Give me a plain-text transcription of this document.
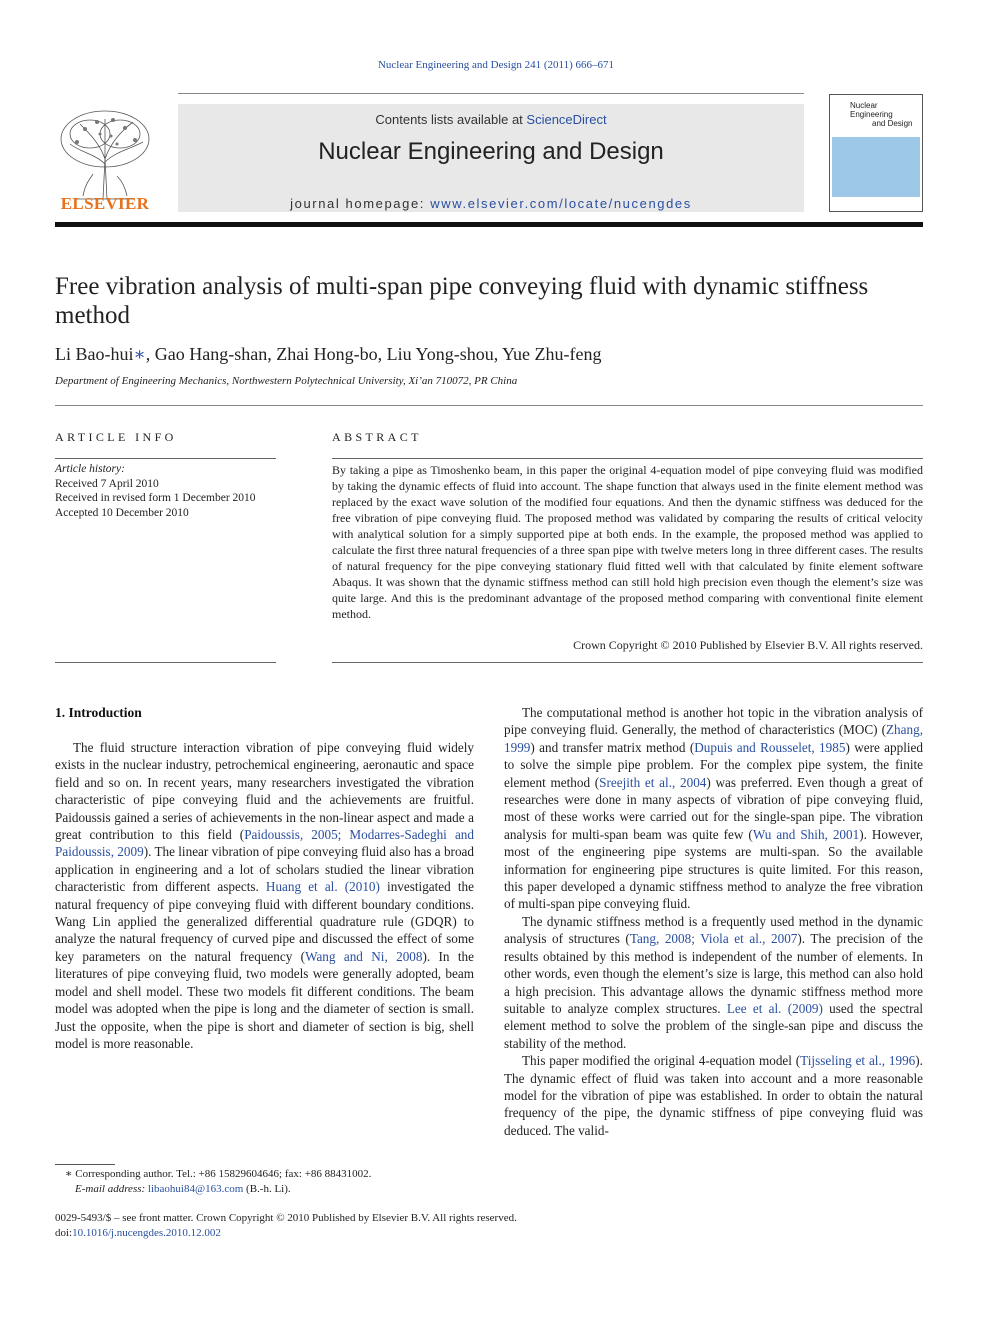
Nuclear Engineering and Design 241 (2011) 666–671
ELSEVIER
Contents lists available at ScienceDirect
Nuclear Engineering and Design
journal homepage: www.elsevier.com/locate/nucengdes
Nuclear Engineering
and Design
Free vibration analysis of multi-span pipe conveying fluid with dynamic stiffness method
Li Bao-hui∗, Gao Hang-shan, Zhai Hong-bo, Liu Yong-shou, Yue Zhu-feng
Department of Engineering Mechanics, Northwestern Polytechnical University, Xi’an 710072, PR China
ARTICLE INFO
Article history:
Received 7 April 2010
Received in revised form 1 December 2010
Accepted 10 December 2010
ABSTRACT
By taking a pipe as Timoshenko beam, in this paper the original 4-equation model of pipe conveying fluid was modified by taking the dynamic effects of fluid into account. The shape function that always used in the finite element method was replaced by the exact wave solution of the modified four equations. And then the dynamic stiffness was deduced for the free vibration of pipe conveying fluid. The proposed method was validated by comparing the results of critical velocity with analytical solution for a simply supported pipe at both ends. In the example, the proposed method was applied to calculate the first three natural frequencies of a three span pipe with twelve meters long in three different cases. The results of natural frequency for the pipe conveying stationary fluid fitted well with that calculated by finite element software Abaqus. It was shown that the dynamic stiffness method can still hold high precision even though the element’s size was quite large. And this is the predominant advantage of the proposed method comparing with conventional finite element method.
Crown Copyright © 2010 Published by Elsevier B.V. All rights reserved.
1. Introduction

The fluid structure interaction vibration of pipe conveying fluid widely exists in the nuclear industry, petrochemical engineering, aeronautic and space field and so on. In recent years, many researchers investigated the vibration characteristic of pipe conveying fluid and the achievements are fruitful. Paidoussis gained a series of achievements in the non-linear aspect and made a great contribution to this field (Paidoussis, 2005; Modarres-Sadeghi and Paidoussis, 2009). The linear vibration of pipe conveying fluid also has a broad application in engineering and a lot of scholars studied the linear vibration characteristic from different aspects. Huang et al. (2010) investigated the natural frequency of pipe conveying fluid with different boundary conditions. Wang Lin applied the generalized differential quadrature rule (GDQR) to analyze the natural frequency of curved pipe and discussed the effect of some key parameters on the natural frequency (Wang and Ni, 2008). In the literatures of pipe conveying fluid, two models were generally adopted, beam model and shell model. These two models fit different conditions. The beam model was adopted when the pipe is long and the diameter of section is small. Just the opposite, when the pipe is short and diameter of section is big, shell model is more reasonable.

The computational method is another hot topic in the vibration analysis of pipe conveying fluid. Generally, the method of characteristics (MOC) (Zhang, 1999) and transfer matrix method (Dupuis and Rousselet, 1985) were applied to solve the simple pipe problem. For the complex pipe system, the finite element method (Sreejith et al., 2004) was preferred. Even though a great of researches were done in many aspects of vibration of pipe conveying fluid, most of these works were carried out for the single-span pipe. The vibration analysis for multi-span beam was quite few (Wu and Shih, 2001). However, most of the engineering pipe systems are multi-span. So the available information for engineering pipe structures is quite limited. For this reason, this paper developed a dynamic stiffness method to analyze the free vibration of multi-span pipe conveying fluid.

The dynamic stiffness method is a frequently used method in the dynamic analysis of structures (Tang, 2008; Viola et al., 2007). The precision of the results obtained by this method is independent of the number of elements. In other words, even though the element’s size is large, this method can also hold a high precision. This advantage allows the dynamic stiffness method more suitable to analyze complex structures. Lee et al. (2009) used the spectral element method to solve the problem of the single-san pipe and discuss the stability of the method.

This paper modified the original 4-equation model (Tijsseling et al., 1996). The dynamic effect of fluid was taken into account and a more reasonable model for the vibration of pipe was established. In order to obtain the natural frequency of the pipe, the dynamic stiffness of pipe conveying fluid was deduced. The valid-

∗ Corresponding author. Tel.: +86 15829604646; fax: +86 88431002.
E-mail address: libaohui84@163.com (B.-h. Li).
0029-5493/$ – see front matter. Crown Copyright © 2010 Published by Elsevier B.V. All rights reserved.
doi:10.1016/j.nucengdes.2010.12.002
